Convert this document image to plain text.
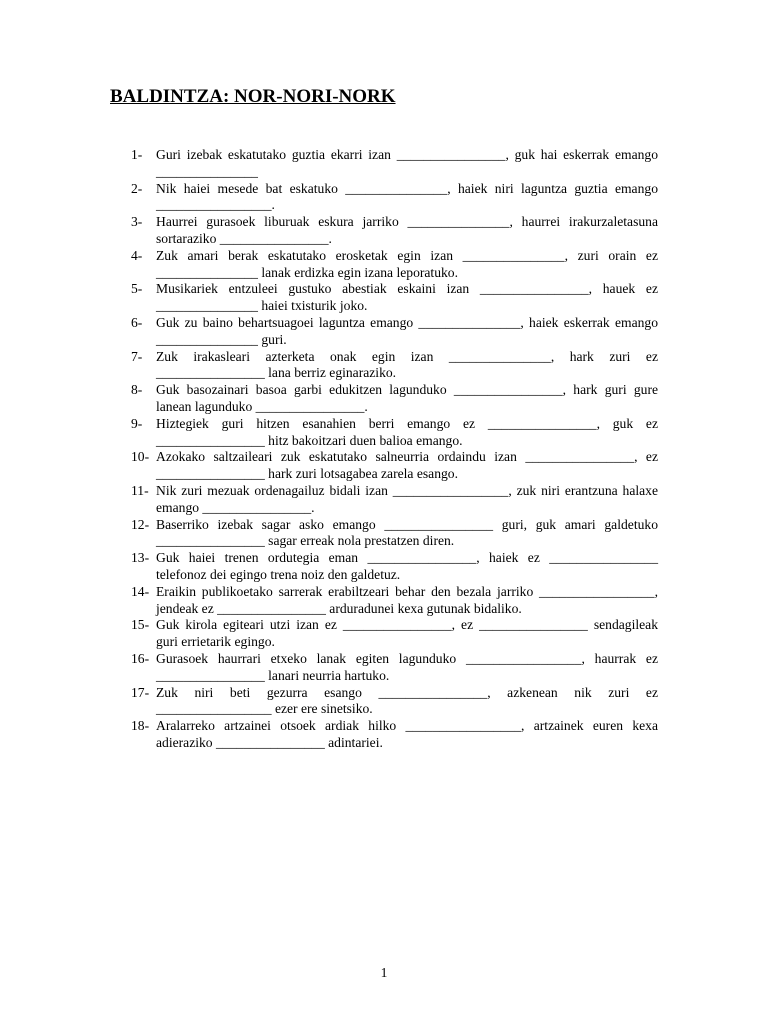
BALDINTZA: NOR-NORI-NORK
1-	Guri izebak eskatutako guztia ekarri izan ________________, guk hai eskerrak emango _______________
2-	Nik haiei mesede bat eskatuko _______________, haiek niri laguntza guztia emango _________________.
3-	Haurrei gurasoek liburuak eskura jarriko _______________, haurrei irakurzaletasuna sortaraziko ________________.
4-	Zuk amari berak eskatutako erosketak egin izan _______________, zuri orain ez _______________ lanak erdizka egin izana leporatuko.
5-	Musikariek entzuleei gustuko abestiak eskaini izan ________________, hauek ez _______________ haiei txisturik joko.
6-	Guk zu baino behartsuagoei laguntza emango _______________, haiek eskerrak emango _______________ guri.
7-	Zuk irakasleari azterketa onak egin izan _______________, hark zuri ez ________________ lana berriz eginaraziko.
8-	Guk basozainari basoa garbi edukitzen lagunduko ________________, hark guri gure lanean lagunduko ________________.
9-	Hiztegiek guri hitzen esanahien berri emango ez ________________, guk ez ________________ hitz bakoitzari duen balioa emango.
10- Azokako saltzaileari zuk eskatutako salneurria ordaindu izan ________________, ez ________________ hark zuri lotsagabea zarela esango.
11- Nik zuri mezuak ordenagailuz bidali izan _________________, zuk niri erantzuna halaxe emango ________________.
12- Baserriko izebak sagar asko emango ________________ guri, guk amari galdetuko ________________ sagar erreak nola prestatzen diren.
13- Guk haiei trenen ordutegia eman ________________, haiek ez ________________ telefonoz dei egingo trena noiz den galdetuz.
14- Eraikin publikoetako sarrerak erabiltzeari behar den bezala jarriko _________________, jendeak ez ________________ arduradunei kexa gutunak bidaliko.
15- Guk kirola egiteari utzi izan ez ________________, ez ________________ sendagileak guri errietarik egingo.
16- Gurasoek haurrari etxeko lanak egiten lagunduko _________________, haurrak ez ________________ lanari neurria hartuko.
17- Zuk niri beti gezurra esango ________________, azkenean nik zuri ez _________________ ezer ere sinetsiko.
18- Aralarreko artzainei otsoek ardiak hilko _________________, artzainek euren kexa adieraziko ________________ adintariei.
1
